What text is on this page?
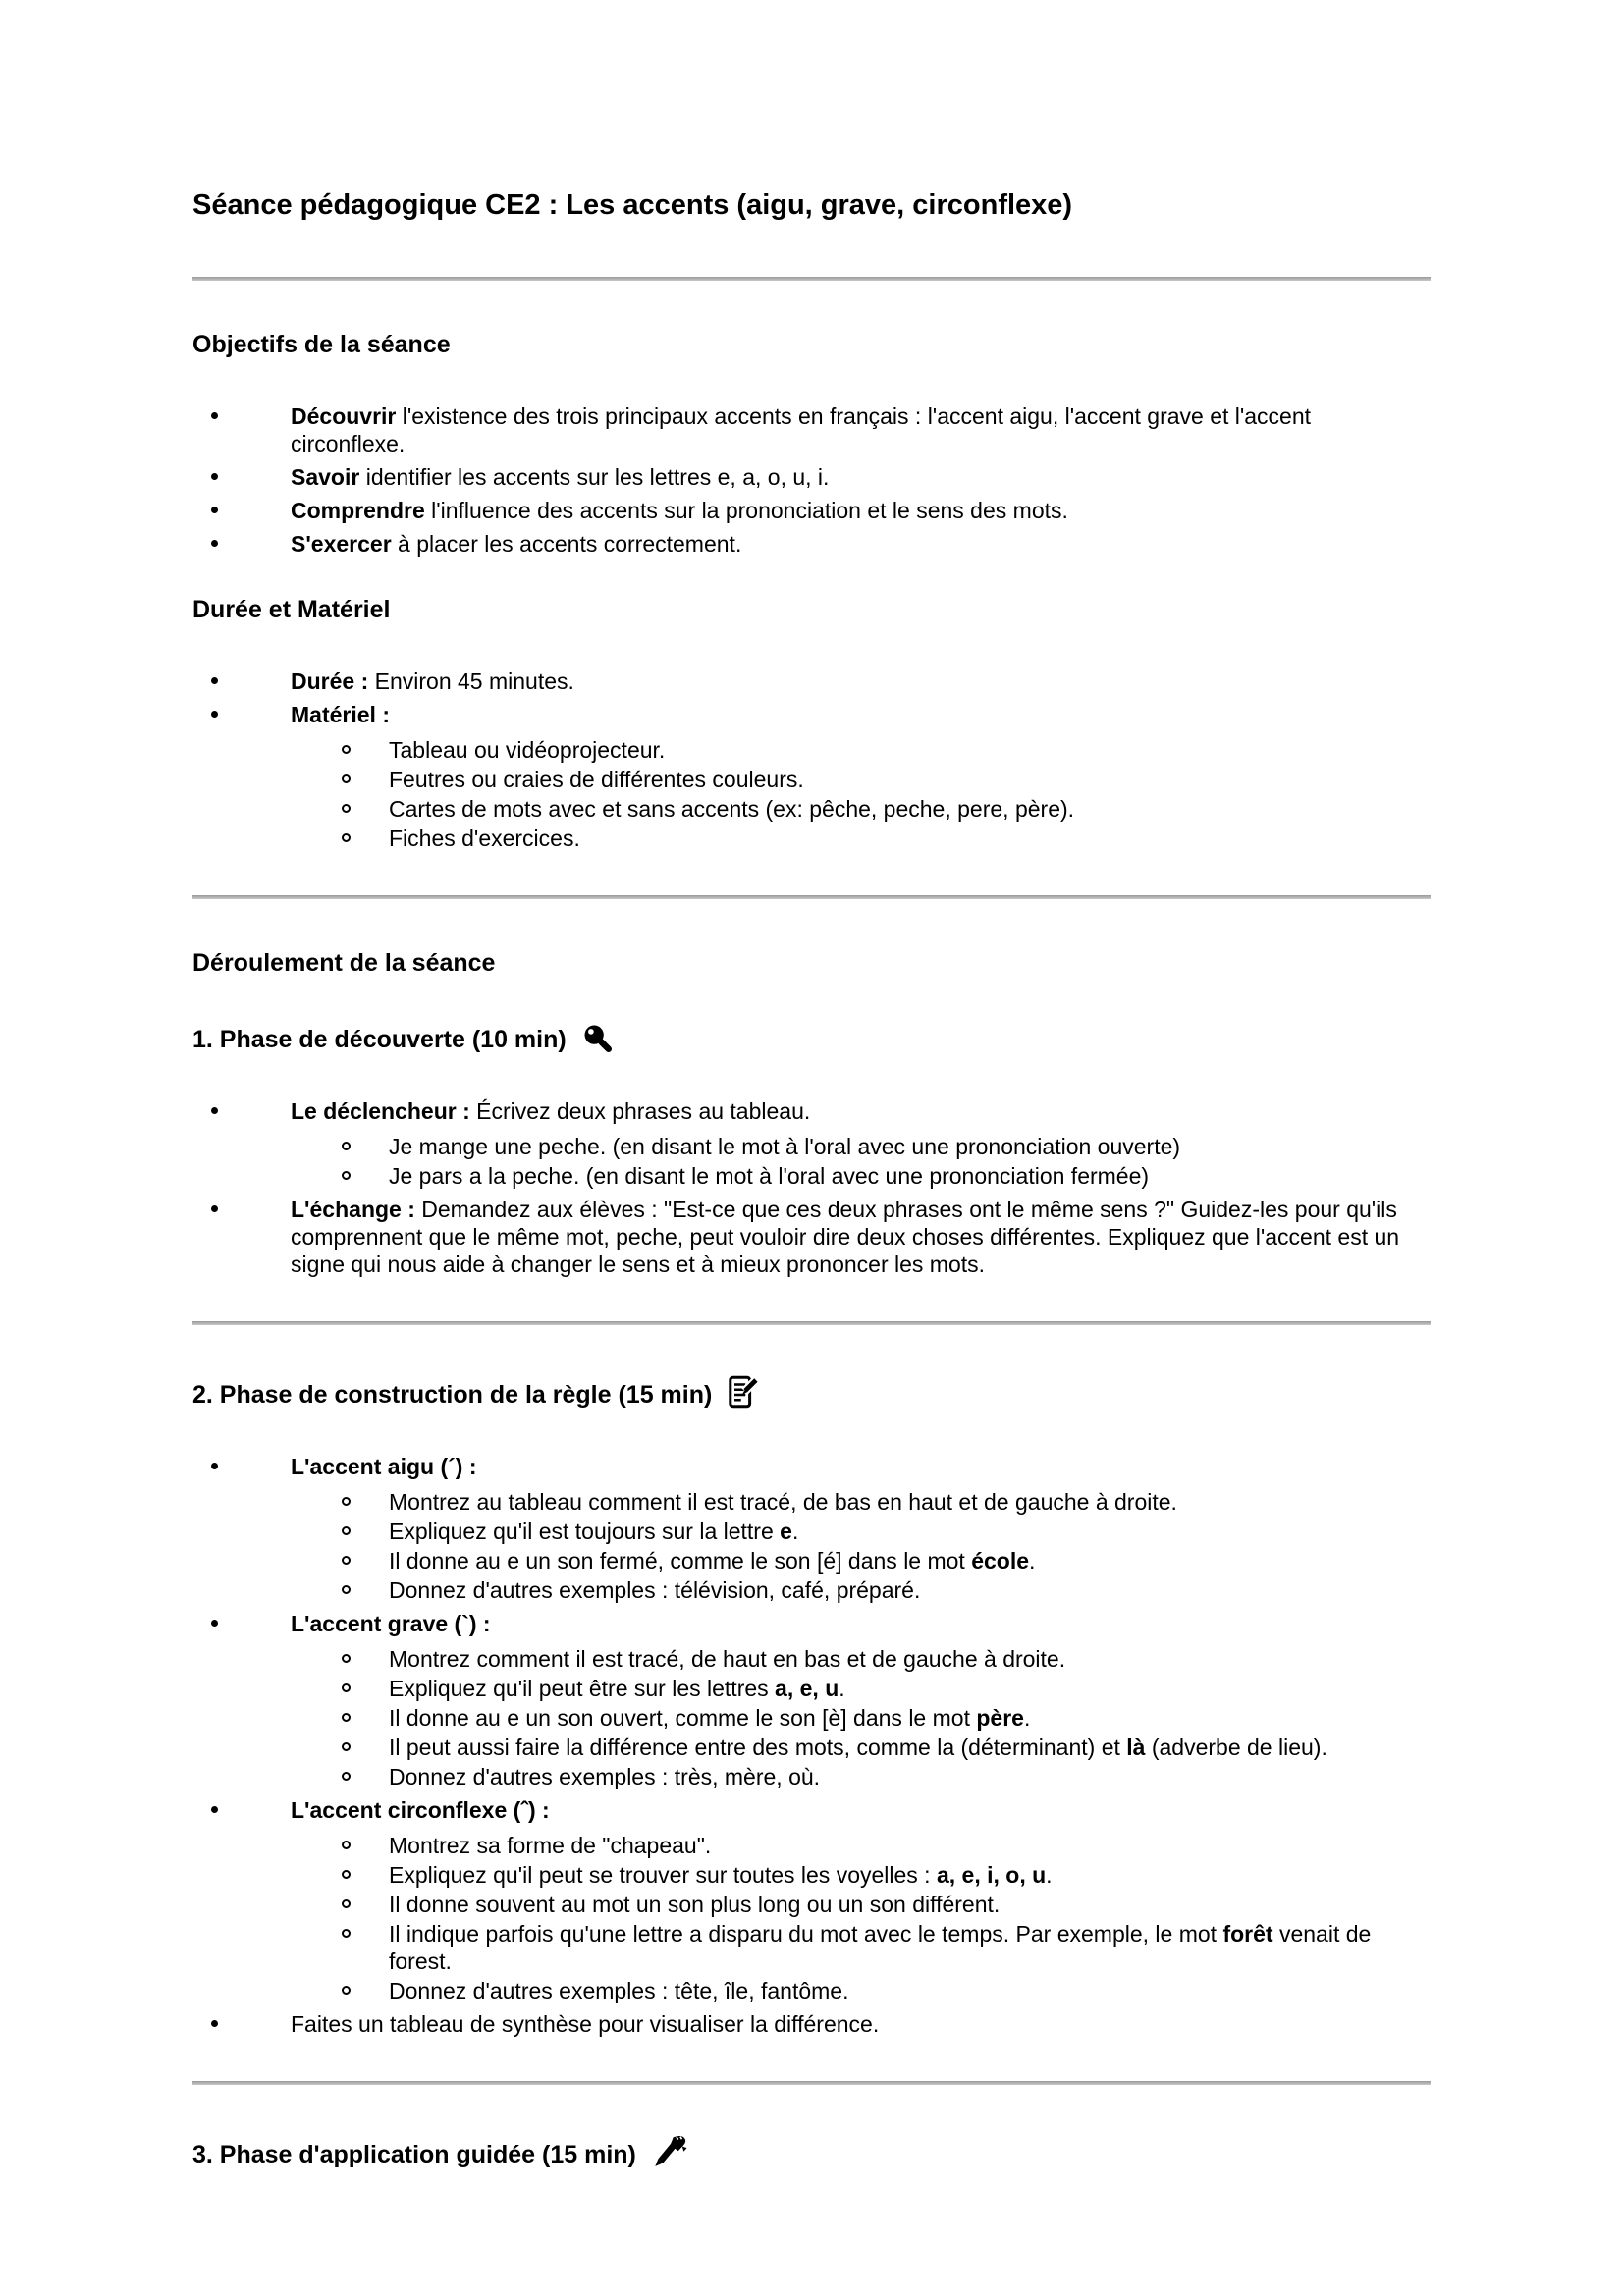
Séance pédagogique CE2 : Les accents (aigu, grave, circonflexe)
Objectifs de la séance
Découvrir l'existence des trois principaux accents en français : l'accent aigu, l'accent grave et l'accent circonflexe.
Savoir identifier les accents sur les lettres e, a, o, u, i.
Comprendre l'influence des accents sur la prononciation et le sens des mots.
S'exercer à placer les accents correctement.
Durée et Matériel
Durée : Environ 45 minutes.
Matériel :
Tableau ou vidéoprojecteur.
Feutres ou craies de différentes couleurs.
Cartes de mots avec et sans accents (ex: pêche, peche, pere, père).
Fiches d'exercices.
Déroulement de la séance
1. Phase de découverte (10 min)
Le déclencheur : Écrivez deux phrases au tableau.
Je mange une peche. (en disant le mot à l'oral avec une prononciation ouverte)
Je pars a la peche. (en disant le mot à l'oral avec une prononciation fermée)
L'échange : Demandez aux élèves : "Est-ce que ces deux phrases ont le même sens ?" Guidez-les pour qu'ils comprennent que le même mot, peche, peut vouloir dire deux choses différentes. Expliquez que l'accent est un signe qui nous aide à changer le sens et à mieux prononcer les mots.
2. Phase de construction de la règle (15 min)
L'accent aigu (´) :
Montrez au tableau comment il est tracé, de bas en haut et de gauche à droite.
Expliquez qu'il est toujours sur la lettre e.
Il donne au e un son fermé, comme le son [é] dans le mot école.
Donnez d'autres exemples : télévision, café, préparé.
L'accent grave (`) :
Montrez comment il est tracé, de haut en bas et de gauche à droite.
Expliquez qu'il peut être sur les lettres a, e, u.
Il donne au e un son ouvert, comme le son [è] dans le mot père.
Il peut aussi faire la différence entre des mots, comme la (déterminant) et là (adverbe de lieu).
Donnez d'autres exemples : très, mère, où.
L'accent circonflexe (ˆ) :
Montrez sa forme de "chapeau".
Expliquez qu'il peut se trouver sur toutes les voyelles : a, e, i, o, u.
Il donne souvent au mot un son plus long ou un son différent.
Il indique parfois qu'une lettre a disparu du mot avec le temps. Par exemple, le mot forêt venait de forest.
Donnez d'autres exemples : tête, île, fantôme.
Faites un tableau de synthèse pour visualiser la différence.
3. Phase d'application guidée (15 min)
